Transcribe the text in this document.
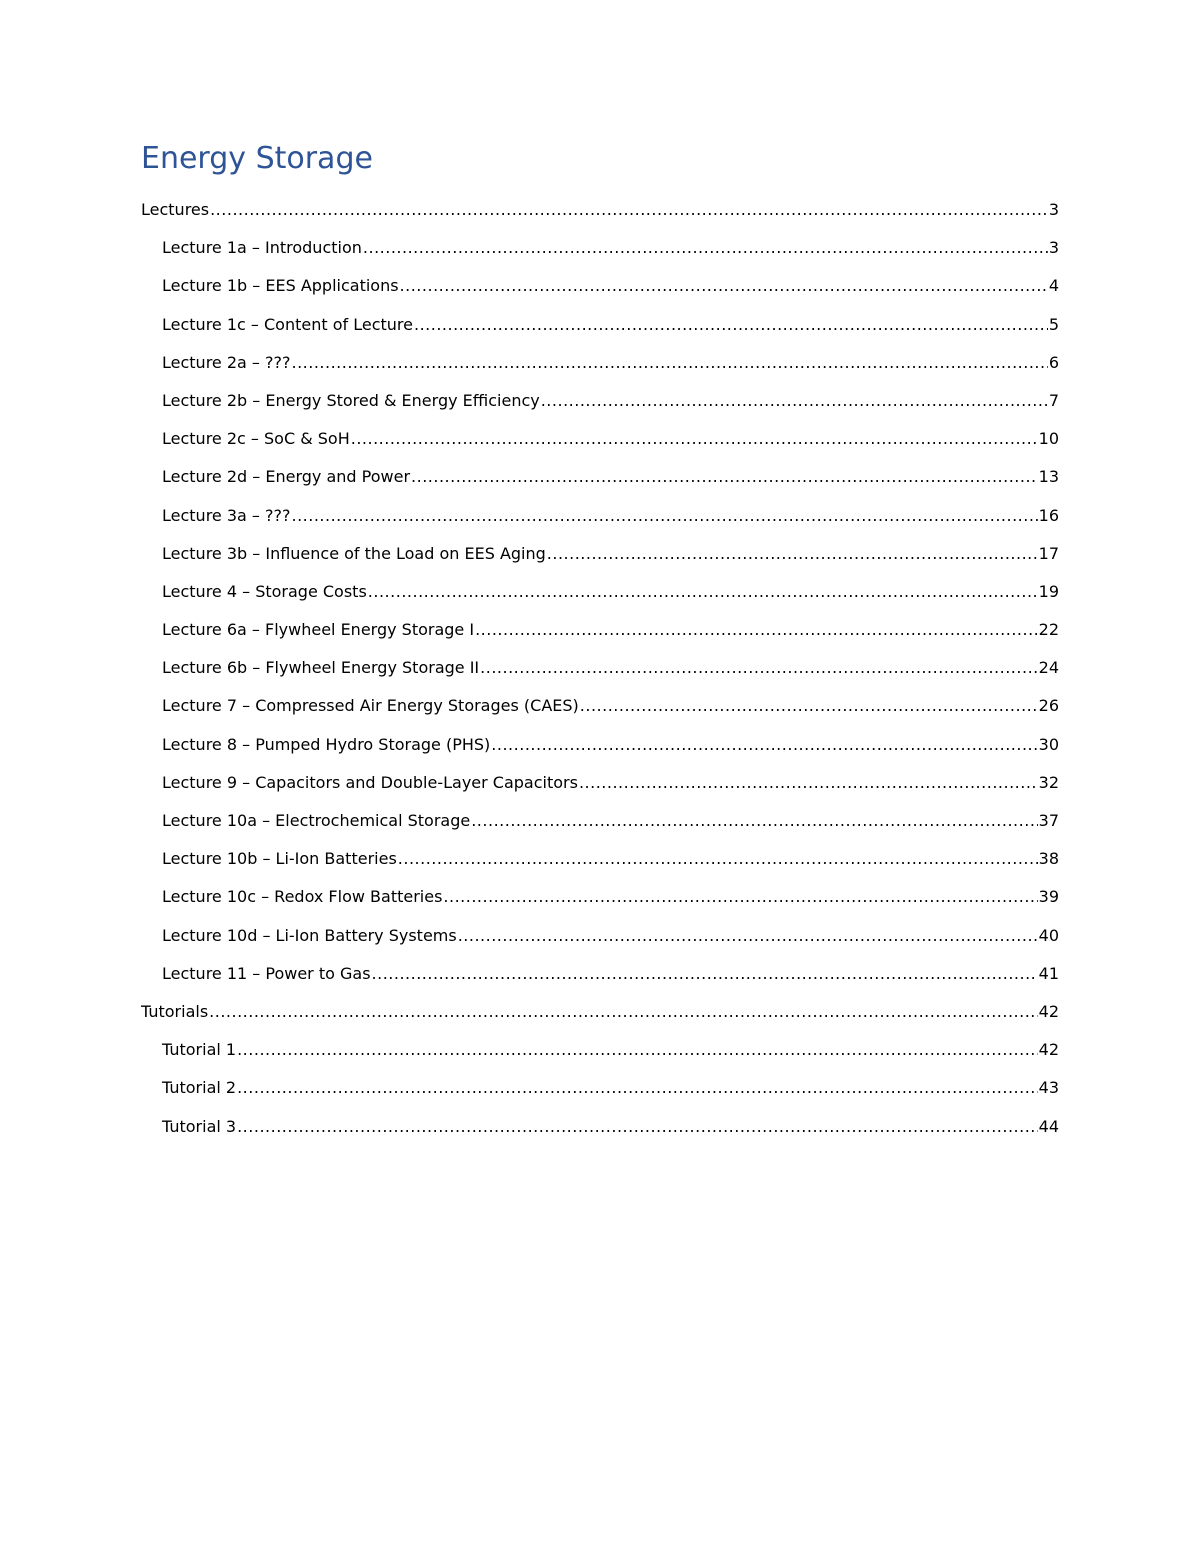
Energy Storage
Lectures .....	3
Lecture 1a – Introduction .....	3
Lecture 1b – EES Applications .....	4
Lecture 1c – Content of Lecture .....	5
Lecture 2a – ??? .....	6
Lecture 2b – Energy Stored & Energy Efficiency .....	7
Lecture 2c – SoC & SoH .....	10
Lecture 2d – Energy and Power .....	13
Lecture 3a – ??? .....	16
Lecture 3b – Influence of the Load on EES Aging .....	17
Lecture 4 – Storage Costs .....	19
Lecture 6a – Flywheel Energy Storage I .....	22
Lecture 6b – Flywheel Energy Storage II .....	24
Lecture 7 – Compressed Air Energy Storages (CAES) .....	26
Lecture 8 – Pumped Hydro Storage (PHS) .....	30
Lecture 9 – Capacitors and Double-Layer Capacitors .....	32
Lecture 10a – Electrochemical Storage .....	37
Lecture 10b – Li-Ion Batteries .....	38
Lecture 10c – Redox Flow Batteries .....	39
Lecture 10d – Li-Ion Battery Systems .....	40
Lecture 11 – Power to Gas .....	41
Tutorials .....	42
Tutorial 1 .....	42
Tutorial 2 .....	43
Tutorial 3 .....	44
